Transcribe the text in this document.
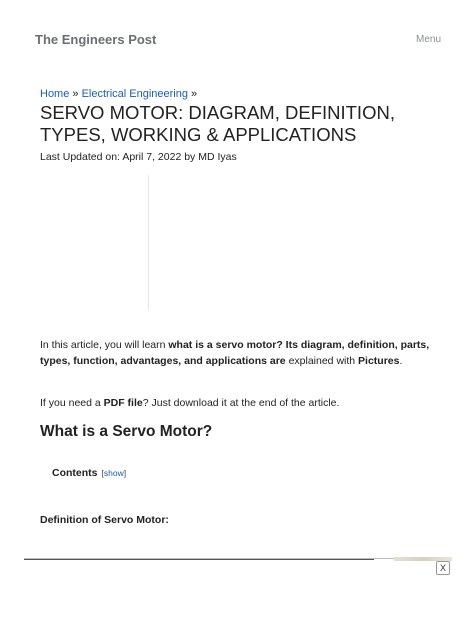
The Engineers Post	Menu
Home » Electrical Engineering »
SERVO MOTOR: DIAGRAM, DEFINITION, TYPES, WORKING & APPLICATIONS
Last Updated on: April 7, 2022 by MD Iyas

In this article, you will learn what is a servo motor? Its diagram, definition, parts, types, function, advantages, and applications are explained with Pictures.

If you need a PDF file? Just download it at the end of the article.

What is a Servo Motor?
Contents [show]
Definition of Servo Motor:
X
